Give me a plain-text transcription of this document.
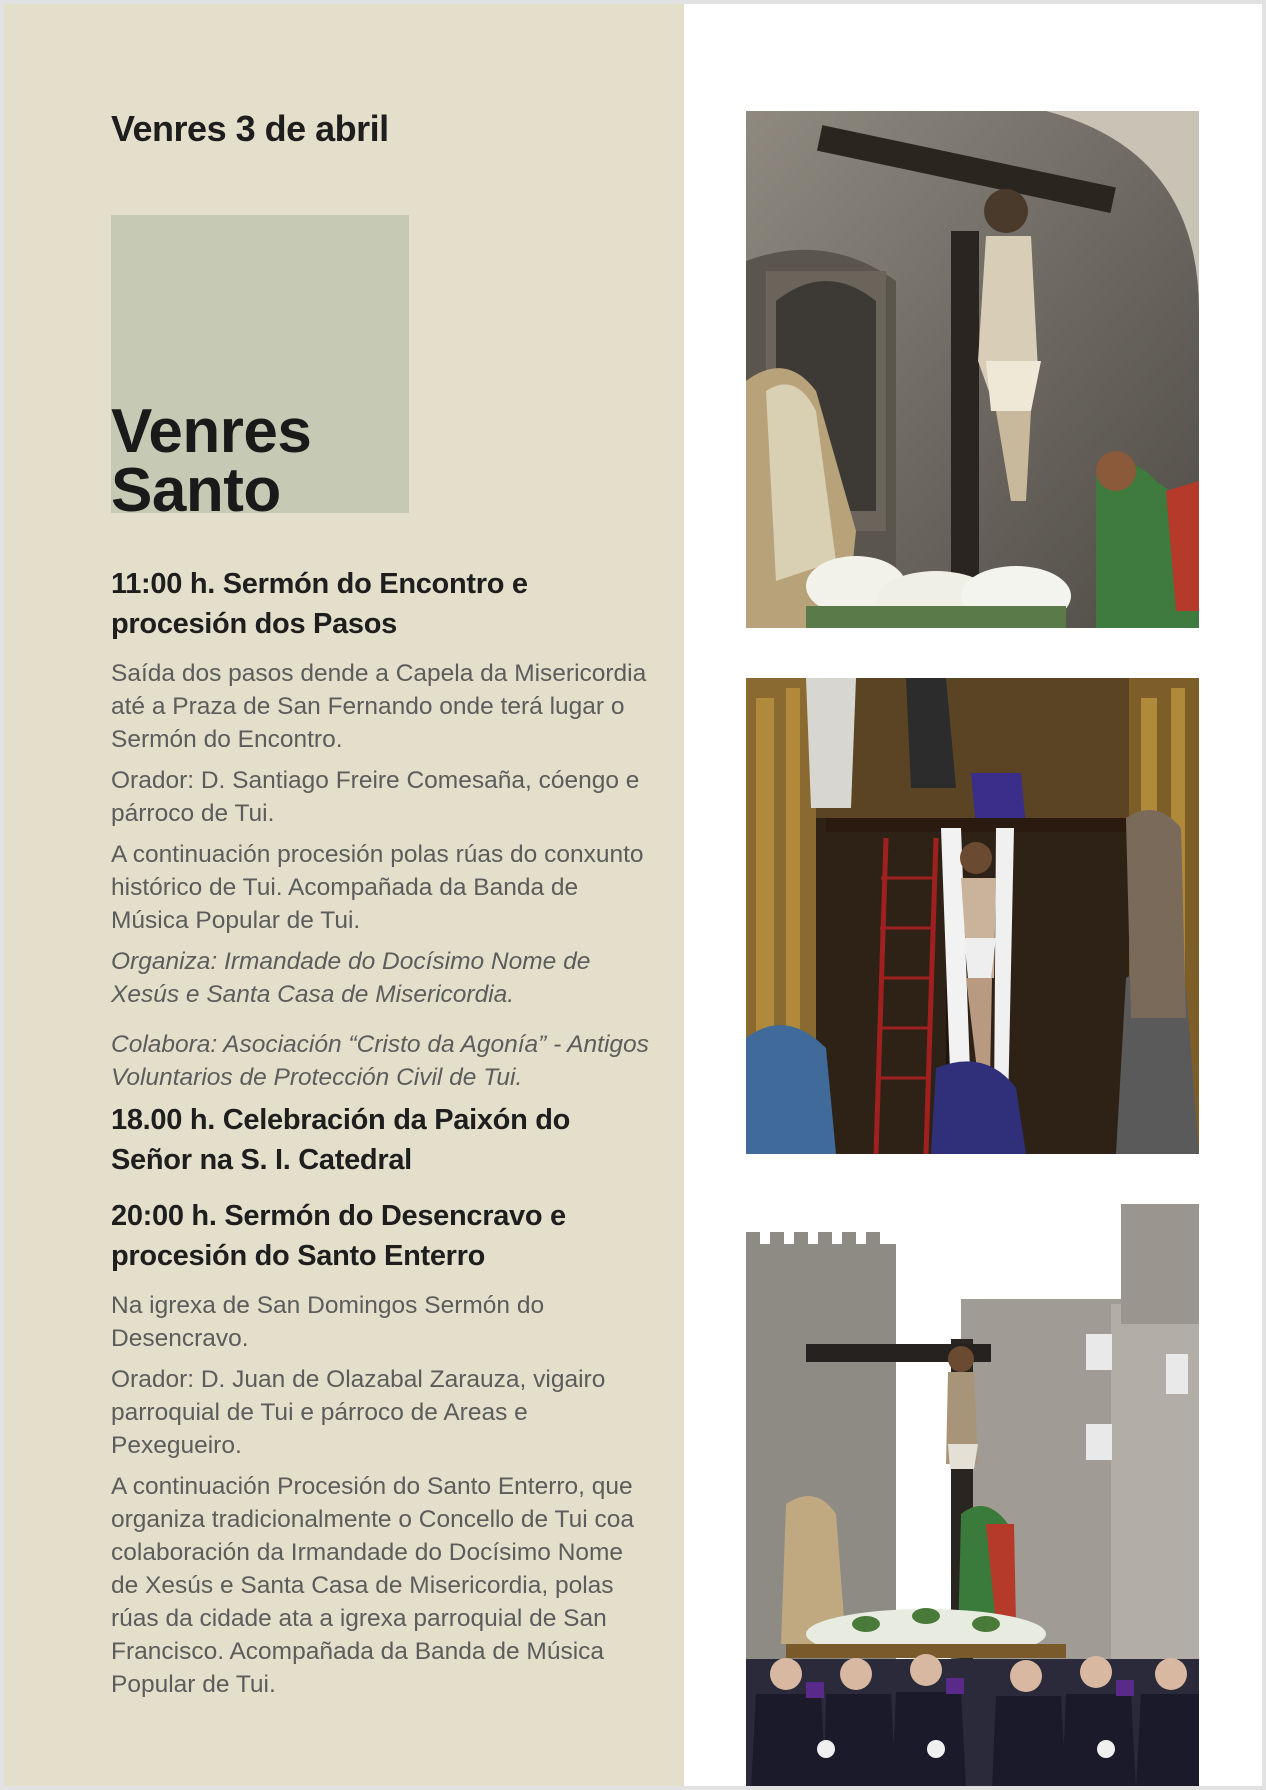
Venres 3 de abril
Venres
Santo
11:00 h. Sermón do Encontro e procesión dos Pasos

Saída dos pasos dende a Capela da Misericordia até a Praza de San Fernando onde terá lugar o Sermón do Encontro.

Orador: D. Santiago Freire Comesaña, cóengo e párroco de Tui.

A continuación procesión polas rúas do conxunto histórico de Tui. Acompañada da Banda de Música Popular de Tui.

Organiza: Irmandade do Docísimo Nome de Xesús e Santa Casa de Misericordia.

Colabora: Asociación “Cristo da Agonía” - Antigos Voluntarios de Protección Civil de Tui.

18.00 h. Celebración da Paixón do Señor na S. I. Catedral
20:00 h. Sermón do Desencravo e procesión do Santo Enterro

Na igrexa de San Domingos Sermón do Desencravo.

Orador: D. Juan de Olazabal Zarauza, vigairo parroquial de Tui e párroco de Areas e Pexegueiro.

A continuación Procesión do Santo Enterro, que organiza tradicionalmente o Concello de Tui coa colaboración da Irmandade do Docísimo Nome de Xesús e Santa Casa de Misericordia, polas rúas da cidade ata a igrexa parroquial de San Francisco. Acompañada da Banda de Música Popular de Tui.
